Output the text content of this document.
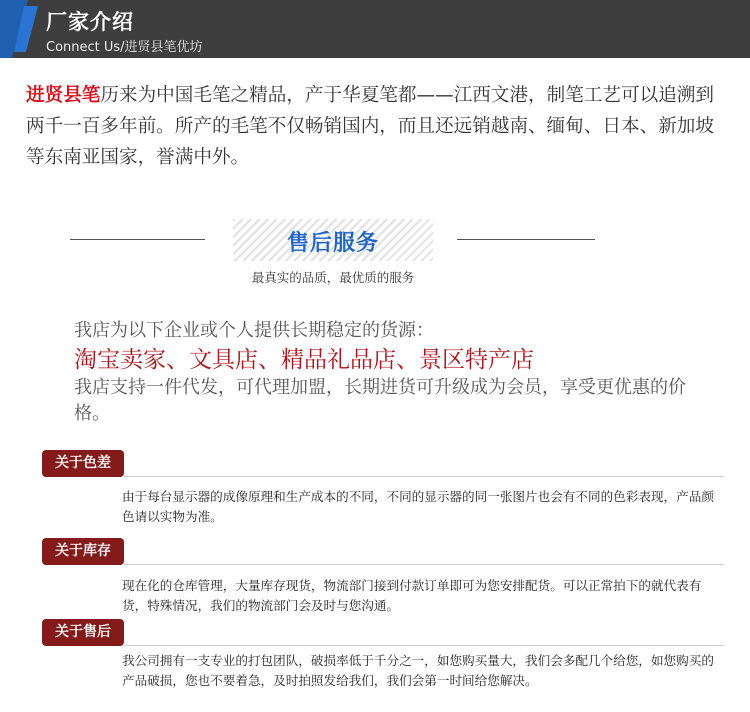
厂家介绍
Connect Us/进贤县笔优坊
进贤县笔历来为中国毛笔之精品，产于华夏笔都——江西文港，制笔工艺可以追溯到两千一百多年前。所产的毛笔不仅畅销国内，而且还远销越南、缅甸、日本、新加坡等东南亚国家，誉满中外。
售后服务
最真实的品质，最优质的服务
我店为以下企业或个人提供长期稳定的货源：
淘宝卖家、文具店、精品礼品店、景区特产店
我店支持一件代发，可代理加盟，长期进货可升级成为会员，享受更优惠的价格。
关于色差
由于每台显示器的成像原理和生产成本的不同，不同的显示器的同一张图片也会有不同的色彩表现，产品颜色请以实物为准。
关于库存
现在化的仓库管理，大量库存现货，物流部门接到付款订单即可为您安排配货。可以正常拍下的就代表有货，特殊情况，我们的物流部门会及时与您沟通。
关于售后
我公司拥有一支专业的打包团队，破损率低于千分之一，如您购买量大，我们会多配几个给您，如您购买的产品破损，您也不要着急，及时拍照发给我们，我们会第一时间给您解决。
